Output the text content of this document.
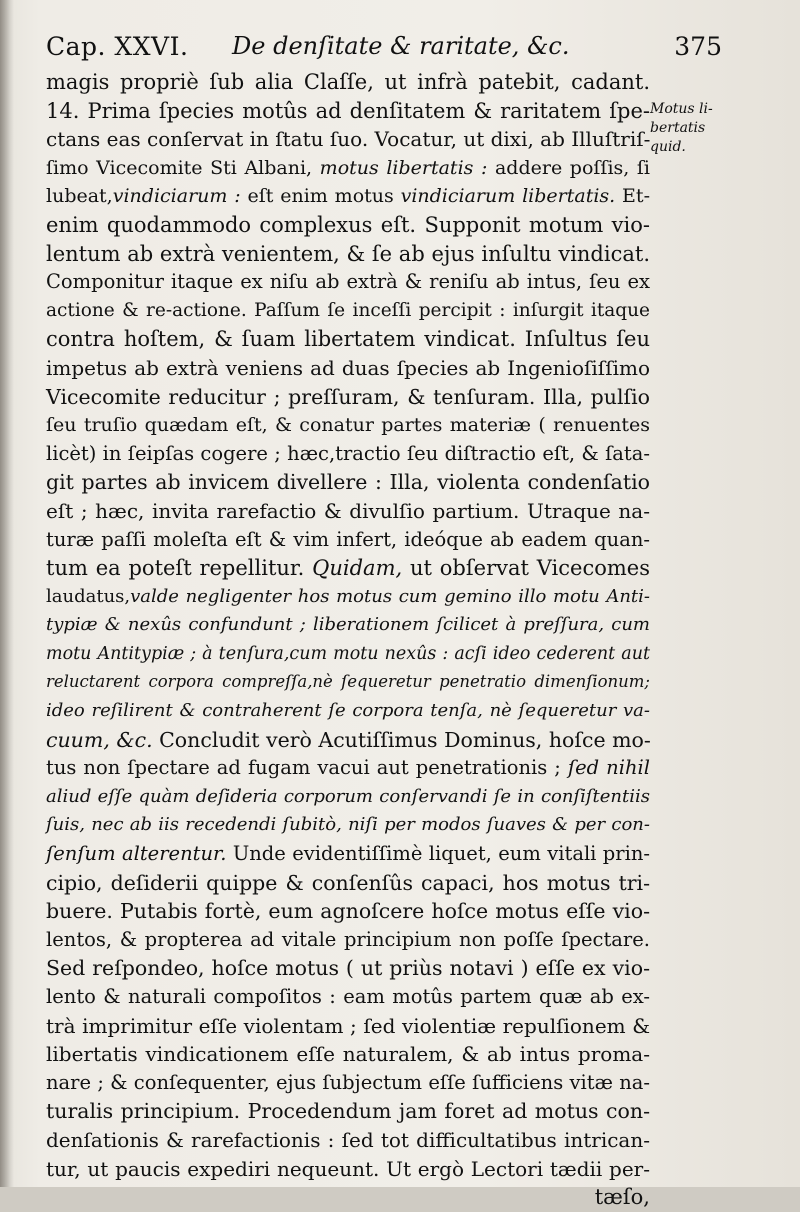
Cap. XXVI. De denſitate & raritate, &c.	375
magis propriè ſub alia Claſſe, ut infrà patebit, cadant.
14. Prima ſpecies motûs ad denſitatem & raritatem ſpe-
ctans eas conſervat in ſtatu ſuo. Vocatur, ut dixi, ab Illuſtriſ-
ſimo Vicecomite Sti Albani, motus libertatis : addere poſſis, ſi
lubeat,vindiciarum : eſt enim motus vindiciarum libertatis. Et-
enim quodammodo complexus eſt. Supponit motum vio-
lentum ab extrà venientem, & ſe ab ejus inſultu vindicat.
Componitur itaque ex niſu ab extrà & reniſu ab intus, ſeu ex
actione & re-actione. Paſſum ſe inceſſi percipit : inſurgit itaque
contra hoſtem, & ſuam libertatem vindicat. Inſultus ſeu
impetus ab extrà veniens ad duas ſpecies ab Ingenioſiſſimo
Vicecomite reducitur ; preſſuram, & tenſuram. Illa, pulſio
ſeu truſio quædam eſt, & conatur partes materiæ ( renuentes
licèt) in ſeipſas cogere ; hæc,tractio ſeu diſtractio eſt, & ſata-
git partes ab invicem divellere : Illa, violenta condenſatio
eſt ; hæc, invita rarefactio & divulſio partium. Utraque na-
turæ paſſi moleſta eſt & vim infert, ideóque ab eadem quan-
tum ea poteſt repellitur. Quidam, ut obſervat Vicecomes
laudatus,valde negligenter hos motus cum gemino illo motu Anti-
typiæ & nexûs confundunt ; liberationem ſcilicet à preſſura, cum
motu Antitypiæ ; à tenſura,cum motu nexûs : acſi ideo cederent aut
reluctarent corpora compreſſa,nè ſequeretur penetratio dimenſionum;
ideo reſilirent & contraherent ſe corpora tenſa, nè ſequeretur va-
cuum, &c. Concludit verò Acutiſſimus Dominus, hoſce mo-
tus non ſpectare ad fugam vacui aut penetrationis ; ſed nihil
aliud eſſe quàm deſideria corporum conſervandi ſe in conſiſtentiis
ſuis, nec ab iis recedendi ſubitò, niſi per modos ſuaves & per con-
ſenſum alterentur. Unde evidentiſſimè liquet, eum vitali prin-
cipio, deſiderii quippe & conſenſûs capaci, hos motus tri-
buere. Putabis fortè, eum agnoſcere hoſce motus eſſe vio-
lentos, & propterea ad vitale principium non poſſe ſpectare.
Sed reſpondeo, hoſce motus ( ut priùs notavi ) eſſe ex vio-
lento & naturali compoſitos : eam motûs partem quæ ab ex-
trà imprimitur eſſe violentam ; ſed violentiæ repulſionem &
libertatis vindicationem eſſe naturalem, & ab intus proma-
nare ; & conſequenter, ejus ſubjectum eſſe ſufficiens vitæ na-
turalis principium. Procedendum jam foret ad motus con-
denſationis & rarefactionis : ſed tot difficultatibus intrican-
tur, ut paucis expediri nequeunt. Ut ergò Lectori tædii per-
tæſo,
Motus li-
bertatis
quid.
